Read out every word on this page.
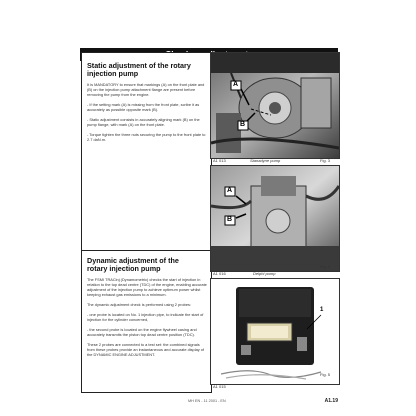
Static adjustment of the rotary
injection pump
It is MANDATORY to ensure that markings (A) on the front plate and (B) on the injection pump attachment flange are present before removing the pump from the engine.
- If the setting mark (A) is missing from the front plate, scribe it as accurately as possible opposite mark (B).
- Static adjustment consists in accurately aligning mark (B) on the pump flange, with mark (A) on the front plate.
- Torque tighten the three nuts securing the pump to the front plate to 2.7 daN.m.
Dynamic adjustment of the
rotary injection pump
The FSMI TRACinj (Dynamometric) checks the start of injection in relation to the top dead centre (TDC) of the engine, enabling accurate adjustment of the injection pump to achieve optimum power whilst keeping exhaust gas emissions to a minimum.
The dynamic adjustment check is performed using 2 probes:
- one probe is located on No. 1 injection pipe, to indicate the start of injection for the cylinder concerned,
- the second probe is located on the engine flywheel casing and accurately transmits the piston top dead centre position (TDC).
These 2 probes are connected to a test set: the combined signals from these probes provide an instantaneous and accurate display of the DYNAMIC ENGINE ADJUSTMENT.
A
B
A1 013	Stanadyne pump	Fig. 3
A
B
A1 016	Delphi pump
Fig. 4
1
A1 015
Fig. 5
MH EN - 11 2001 - EN	A1.19
